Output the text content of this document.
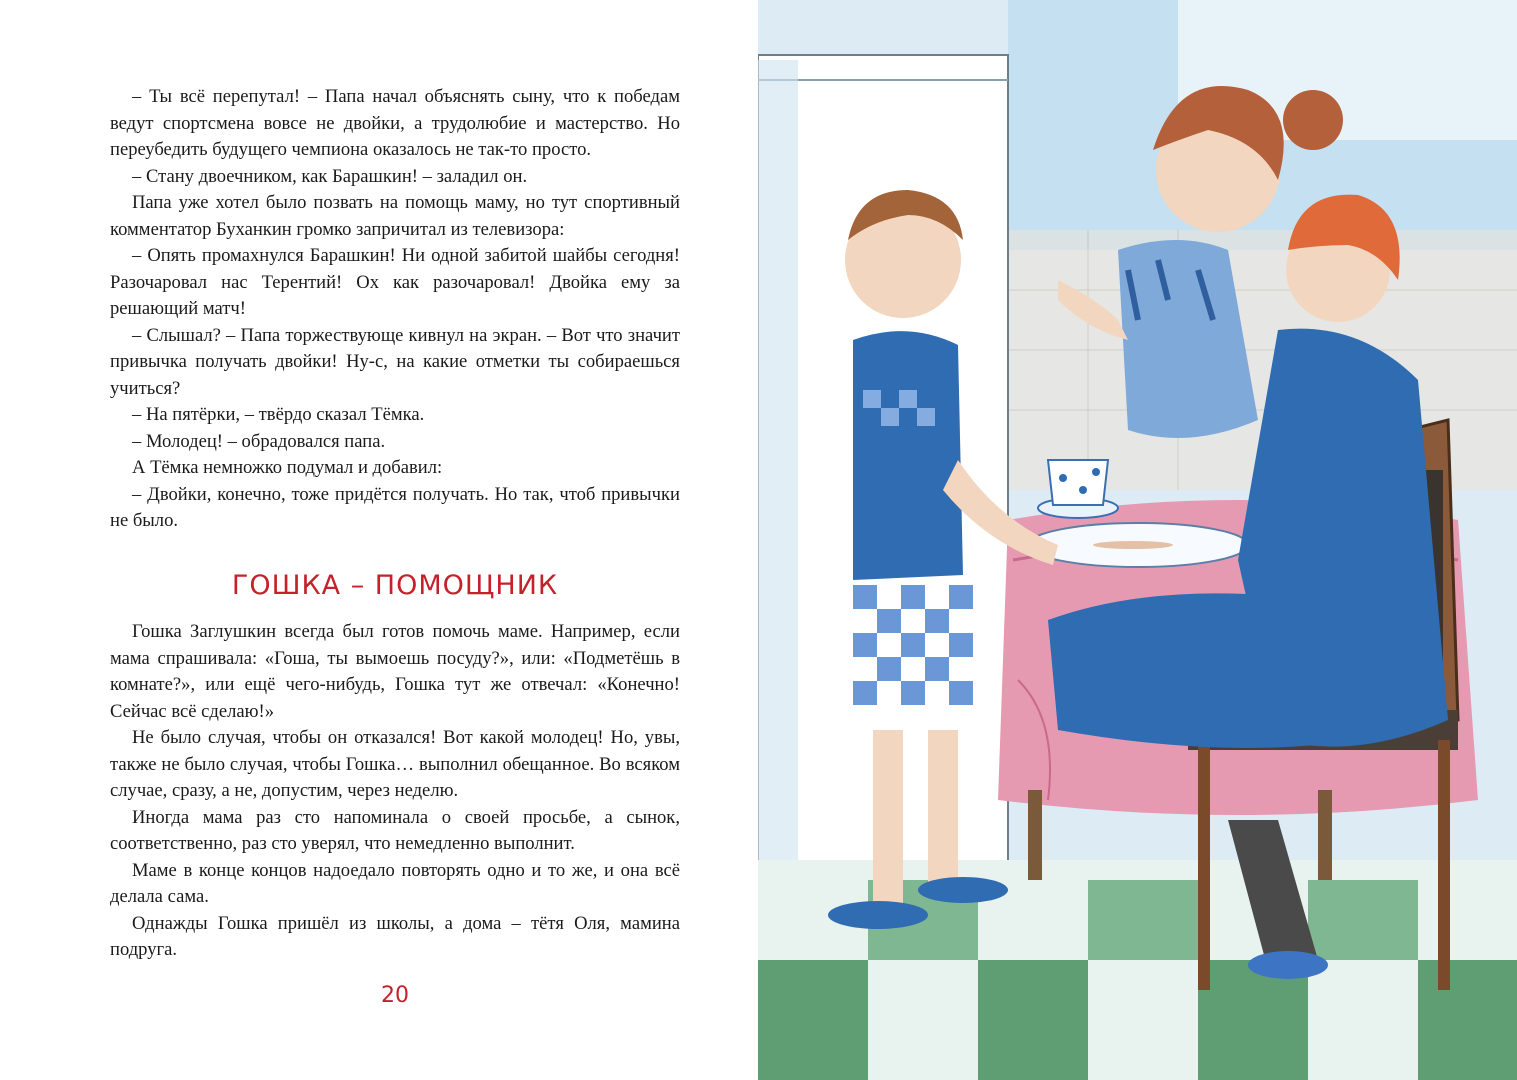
– Ты всё перепутал! – Папа начал объяснять сыну, что к победам ведут спортсмена вовсе не двойки, а трудолюбие и мастерство. Но переубедить будущего чемпиона оказалось не так-то просто.

– Стану двоечником, как Барашкин! – заладил он.

Папа уже хотел было позвать на помощь маму, но тут спортивный комментатор Буханкин громко запричитал из телевизора:

– Опять промахнулся Барашкин! Ни одной забитой шайбы сегодня! Разочаровал нас Терентий! Ох как разочаровал! Двойка ему за решающий матч!

– Слышал? – Папа торжествующе кивнул на экран. – Вот что значит привычка получать двойки! Ну-с, на какие отметки ты собираешься учиться?

– На пятёрки, – твёрдо сказал Тёмка.

– Молодец! – обрадовался папа.

А Тёмка немножко подумал и добавил:

– Двойки, конечно, тоже придётся получать. Но так, чтоб привычки не было.

ГОШКА – ПОМОЩНИК

Гошка Заглушкин всегда был готов помочь маме. Например, если мама спрашивала: «Гоша, ты вымоешь посуду?», или: «Подметёшь в комнате?», или ещё чего-нибудь, Гошка тут же отвечал: «Конечно! Сейчас всё сделаю!»

Не было случая, чтобы он отказался! Вот какой молодец! Но, увы, также не было случая, чтобы Гошка… выполнил обещанное. Во всяком случае, сразу, а не, допустим, через неделю.

Иногда мама раз сто напоминала о своей просьбе, а сынок, соответственно, раз сто уверял, что немедленно выполнит.

Маме в конце концов надоедало повторять одно и то же, и она всё делала сама.

Однажды Гошка пришёл из школы, а дома – тётя Оля, мамина подруга.

20
